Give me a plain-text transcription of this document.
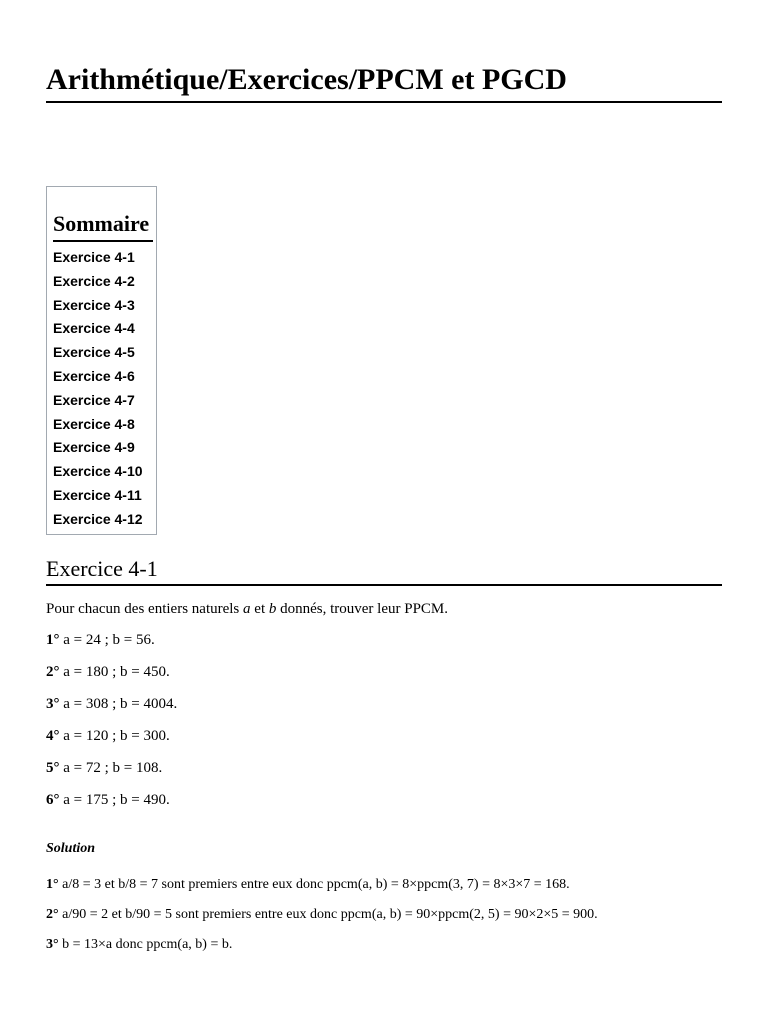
Arithmétique/Exercices/PPCM et PGCD
Sommaire
Exercice 4-1
Exercice 4-2
Exercice 4-3
Exercice 4-4
Exercice 4-5
Exercice 4-6
Exercice 4-7
Exercice 4-8
Exercice 4-9
Exercice 4-10
Exercice 4-11
Exercice 4-12
Exercice 4-1
Pour chacun des entiers naturels a et b donnés, trouver leur PPCM.
1° a = 24 ; b = 56.
2° a = 180 ; b = 450.
3° a = 308 ; b = 4004.
4° a = 120 ; b = 300.
5° a = 72 ; b = 108.
6° a = 175 ; b = 490.
Solution
1° a/8 = 3 et b/8 = 7 sont premiers entre eux donc ppcm(a, b) = 8×ppcm(3, 7) = 8×3×7 = 168.
2° a/90 = 2 et b/90 = 5 sont premiers entre eux donc ppcm(a, b) = 90×ppcm(2, 5) = 90×2×5 = 900.
3° b = 13×a donc ppcm(a, b) = b.
